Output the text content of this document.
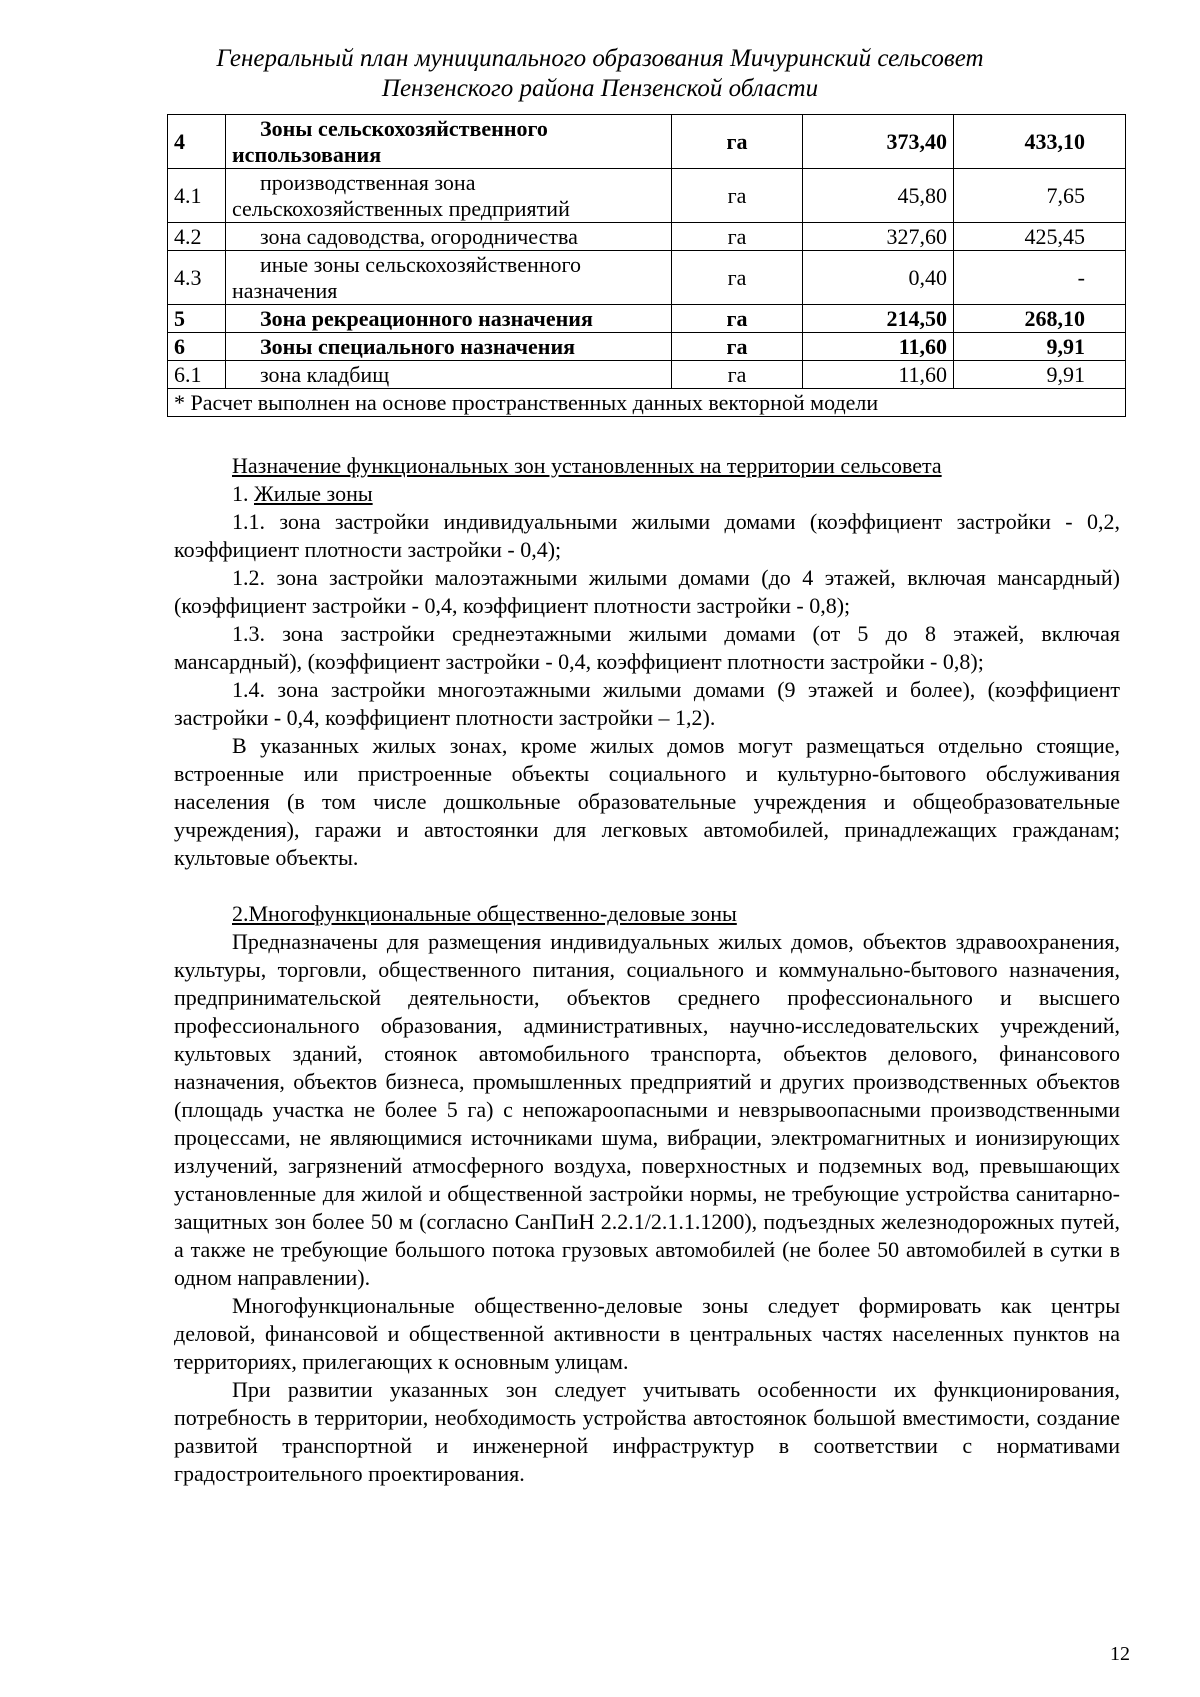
Генеральный план муниципального образования Мичуринский сельсовет
Пензенского района Пензенской области
4	Зоны сельскохозяйственного использования	га	373,40	433,10
4.1	производственная зона сельскохозяйственных предприятий	га	45,80	7,65
4.2	зона садоводства, огородничества	га	327,60	425,45
4.3	иные зоны сельскохозяйственного назначения	га	0,40	-
5	Зона рекреационного назначения	га	214,50	268,10
6	Зоны специального назначения	га	11,60	9,91
6.1	зона кладбищ	га	11,60	9,91
* Расчет выполнен на основе пространственных данных векторной модели				

Назначение функциональных зон установленных на территории сельсовета

1. Жилые зоны

1.1. зона застройки индивидуальными жилыми домами (коэффициент застройки - 0,2, коэффициент плотности застройки - 0,4);

1.2. зона застройки малоэтажными жилыми домами (до 4 этажей, включая мансардный) (коэффициент застройки - 0,4, коэффициент плотности застройки - 0,8);

1.3. зона застройки среднеэтажными жилыми домами (от 5 до 8 этажей, включая мансардный), (коэффициент застройки - 0,4, коэффициент плотности застройки - 0,8);

1.4. зона застройки многоэтажными жилыми домами (9 этажей и более), (коэффициент застройки - 0,4, коэффициент плотности застройки – 1,2).

В указанных жилых зонах, кроме жилых домов могут размещаться отдельно стоящие, встроенные или пристроенные объекты социального и культурно-бытового обслуживания населения (в том числе дошкольные образовательные учреждения и общеобразовательные учреждения), гаражи и автостоянки для легковых автомобилей, принадлежащих гражданам; культовые объекты.

2.Многофункциональные общественно-деловые зоны

Предназначены для размещения индивидуальных жилых домов, объектов здравоохранения, культуры, торговли, общественного питания, социального и коммунально-бытового назначения, предпринимательской деятельности, объектов среднего профессионального и высшего профессионального образования, административных, научно-исследовательских учреждений, культовых зданий, стоянок автомобильного транспорта, объектов делового, финансового назначения, объектов бизнеса, промышленных предприятий и других производственных объектов (площадь участка не более 5 га) с непожароопасными и невзрывоопасными производственными процессами, не являющимися источниками шума, вибрации, электромагнитных и ионизирующих излучений, загрязнений атмосферного воздуха, поверхностных и подземных вод, превышающих установленные для жилой и общественной застройки нормы, не требующие устройства санитарно-защитных зон более 50 м (согласно СанПиН 2.2.1/2.1.1.1200), подъездных железнодорожных путей, а также не требующие большого потока грузовых автомобилей (не более 50 автомобилей в сутки в одном направлении).

Многофункциональные общественно-деловые зоны следует формировать как центры деловой, финансовой и общественной активности в центральных частях населенных пунктов на территориях, прилегающих к основным улицам.

При развитии указанных зон следует учитывать особенности их функционирования, потребность в территории, необходимость устройства автостоянок большой вместимости, создание развитой транспортной и инженерной инфраструктур в соответствии с нормативами градостроительного проектирования.

12
